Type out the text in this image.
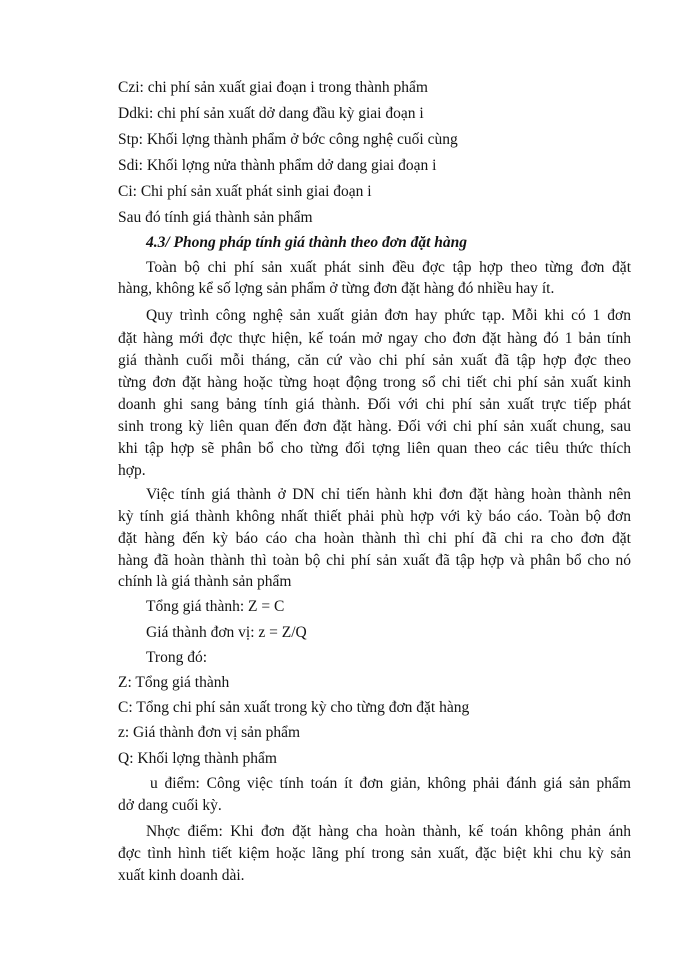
Czi: chi phí sản xuất giai đoạn i trong thành phẩm
Ddki: chi phí sản xuất dở dang đầu kỳ giai đoạn i
Stp: Khối lợng thành phẩm ở bớc công nghệ cuối cùng
Sdi: Khối lợng nửa thành phẩm dở dang giai đoạn i
Ci: Chi phí sản xuất phát sinh giai đoạn i
Sau đó tính giá thành sản phẩm
4.3/ Phong pháp tính giá thành theo đơn đặt hàng
Toàn bộ chi phí sản xuất phát sinh đều đợc tập hợp theo từng đơn đặt
hàng, không kể số lợng sản phẩm ở từng đơn đặt hàng đó nhiều hay ít.
Quy trình công nghệ sản xuất giản đơn hay phức tạp. Mỗi khi có 1 đơn
đặt hàng mới đợc thực hiện, kế toán mở ngay cho đơn đặt hàng đó 1 bản tính
giá thành cuối mỗi tháng, căn cứ vào chi phí sản xuất đã tập hợp đợc theo
từng đơn đặt hàng hoặc từng hoạt động trong sổ chi tiết chi phí sản xuất kinh
doanh ghi sang bảng tính giá thành. Đối với chi phí sản xuất trực tiếp phát
sinh trong kỳ liên quan đến đơn đặt hàng. Đối với chi phí sản xuất chung, sau
khi tập hợp sẽ phân bổ cho từng đối tợng liên quan theo các tiêu thức thích
hợp.
Việc tính giá thành ở DN chỉ tiến hành khi đơn đặt hàng hoàn thành nên
kỳ tính giá thành không nhất thiết phải phù hợp với kỳ báo cáo. Toàn bộ đơn
đặt hàng đến kỳ báo cáo cha hoàn thành thì chi phí đã chi ra cho đơn đặt
hàng đã hoàn thành thì toàn bộ chi phí sản xuất đã tập hợp và phân bổ cho nó
chính là giá thành sản phẩm
Tổng giá thành: Z = C
Giá thành đơn vị: z = Z/Q
Trong đó:
Z: Tổng giá thành
C: Tổng chi phí sản xuất trong kỳ cho từng đơn đặt hàng
z: Giá thành đơn vị sản phẩm
Q: Khối lợng thành phẩm
u điểm: Công việc tính toán ít đơn giản, không phải đánh giá sản phẩm
dở dang cuối kỳ.
Nhợc điểm: Khi đơn đặt hàng cha hoàn thành, kế toán không phản ánh
đợc tình hình tiết kiệm hoặc lãng phí trong sản xuất, đặc biệt khi chu kỳ sản
xuất kinh doanh dài.
